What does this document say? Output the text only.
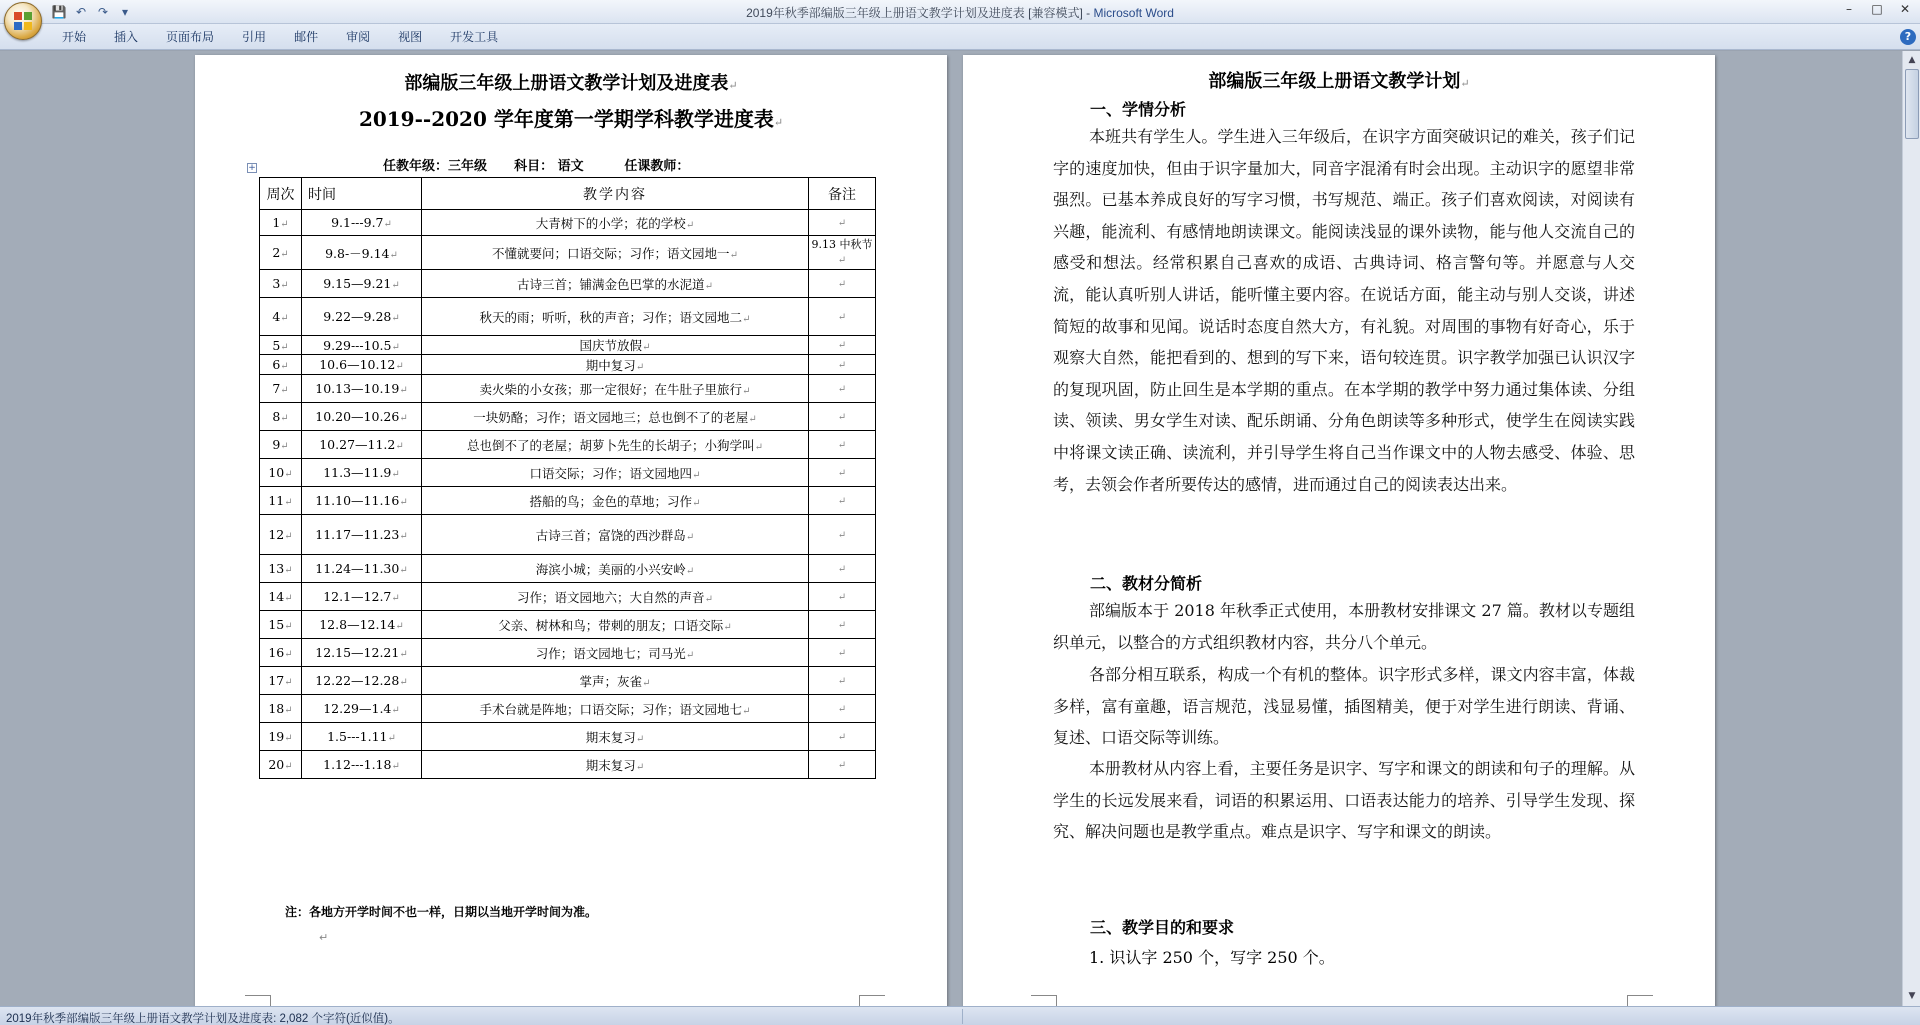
💾 ↶ ↷	▾	2019年秋季部编版三年级上册语文教学计划及进度表 [兼容模式] - Microsoft Word	–	□	✕
开始	插入	页面布局	引用	邮件	审阅	视图	开发工具	?
部编版三年级上册语文教学计划及进度表↵
2019--2020 学年度第一学期学科教学进度表↵
+	任教年级：三年级      科目： 语文         任课教师：
周次	时间	教学内容	备注
1↵	9.1---9.7↵	大青树下的小学；花的学校↵	↵
2↵	9.8-－9.14↵	不懂就要问；口语交际；习作；语文园地一↵	9.13 中秋节↵
3↵	9.15—9.21↵	古诗三首；铺满金色巴掌的水泥道↵	↵
4↵	9.22—9.28↵	秋天的雨；听听，秋的声音；习作；语文园地二↵	↵
5↵	9.29---10.5↵	国庆节放假↵	↵
6↵	10.6—10.12↵	期中复习↵	↵
7↵	10.13—10.19↵	卖火柴的小女孩；那一定很好；在牛肚子里旅行↵	↵
8↵	10.20—10.26↵	一块奶酪；习作；语文园地三；总也倒不了的老屋↵	↵
9↵	10.27—11.2↵	总也倒不了的老屋；胡萝卜先生的长胡子；小狗学叫↵	↵
10↵	11.3—11.9↵	口语交际；习作；语文园地四↵	↵
11↵	11.10—11.16↵	搭船的鸟；金色的草地；习作↵	↵
12↵	11.17—11.23↵	古诗三首；富饶的西沙群岛↵	↵
13↵	11.24—11.30↵	海滨小城；美丽的小兴安岭↵	↵
14↵	12.1—12.7↵	习作；语文园地六；大自然的声音↵	↵
15↵	12.8—12.14↵	父亲、树林和鸟；带刺的朋友；口语交际↵	↵
16↵	12.15—12.21↵	习作；语文园地七；司马光↵	↵
17↵	12.22—12.28↵	掌声；灰雀↵	↵
18↵	12.29—1.4↵	手术台就是阵地；口语交际；习作；语文园地七↵	↵
19↵	1.5---1.11↵	期末复习↵	↵
20↵	1.12---1.18↵	期末复习↵	↵
注：各地方开学时间不也一样，日期以当地开学时间为准。
↵
部编版三年级上册语文教学计划↵
一、学情分析
本班共有学生人。学生进入三年级后，在识字方面突破识记的难关，孩子们记字的速度加快，但由于识字量加大，同音字混淆有时会出现。主动识字的愿望非常强烈。已基本养成良好的写字习惯，书写规范、端正。孩子们喜欢阅读，对阅读有兴趣，能流利、有感情地朗读课文。能阅读浅显的课外读物，能与他人交流自己的感受和想法。经常积累自己喜欢的成语、古典诗词、格言警句等。并愿意与人交流，能认真听别人讲话，能听懂主要内容。在说话方面，能主动与别人交谈，讲述简短的故事和见闻。说话时态度自然大方，有礼貌。对周围的事物有好奇心，乐于观察大自然，能把看到的、想到的写下来，语句较连贯。识字教学加强已认识汉字的复现巩固，防止回生是本学期的重点。在本学期的教学中努力通过集体读、分组读、领读、男女学生对读、配乐朗诵、分角色朗读等多种形式，使学生在阅读实践中将课文读正确、读流利，并引导学生将自己当作课文中的人物去感受、体验、思考，去领会作者所要传达的感情，进而通过自己的阅读表达出来。
二、教材分简析
部编版本于 2018 年秋季正式使用，本册教材安排课文 27 篇。教材以专题组织单元，以整合的方式组织教材内容，共分八个单元。
各部分相互联系，构成一个有机的整体。识字形式多样，课文内容丰富，体裁多样，富有童趣，语言规范，浅显易懂，插图精美，便于对学生进行朗读、背诵、复述、口语交际等训练。
本册教材从内容上看，主要任务是识字、写字和课文的朗读和句子的理解。从学生的长远发展来看，词语的积累运用、口语表达能力的培养、引导学生发现、探究、解决问题也是教学重点。难点是识字、写字和课文的朗读。
三、教学目的和要求
1. 识认字 250 个，写字 250 个。
▲
▼
2019年秋季部编版三年级上册语文教学计划及进度表: 2,082 个字符(近似值)。
